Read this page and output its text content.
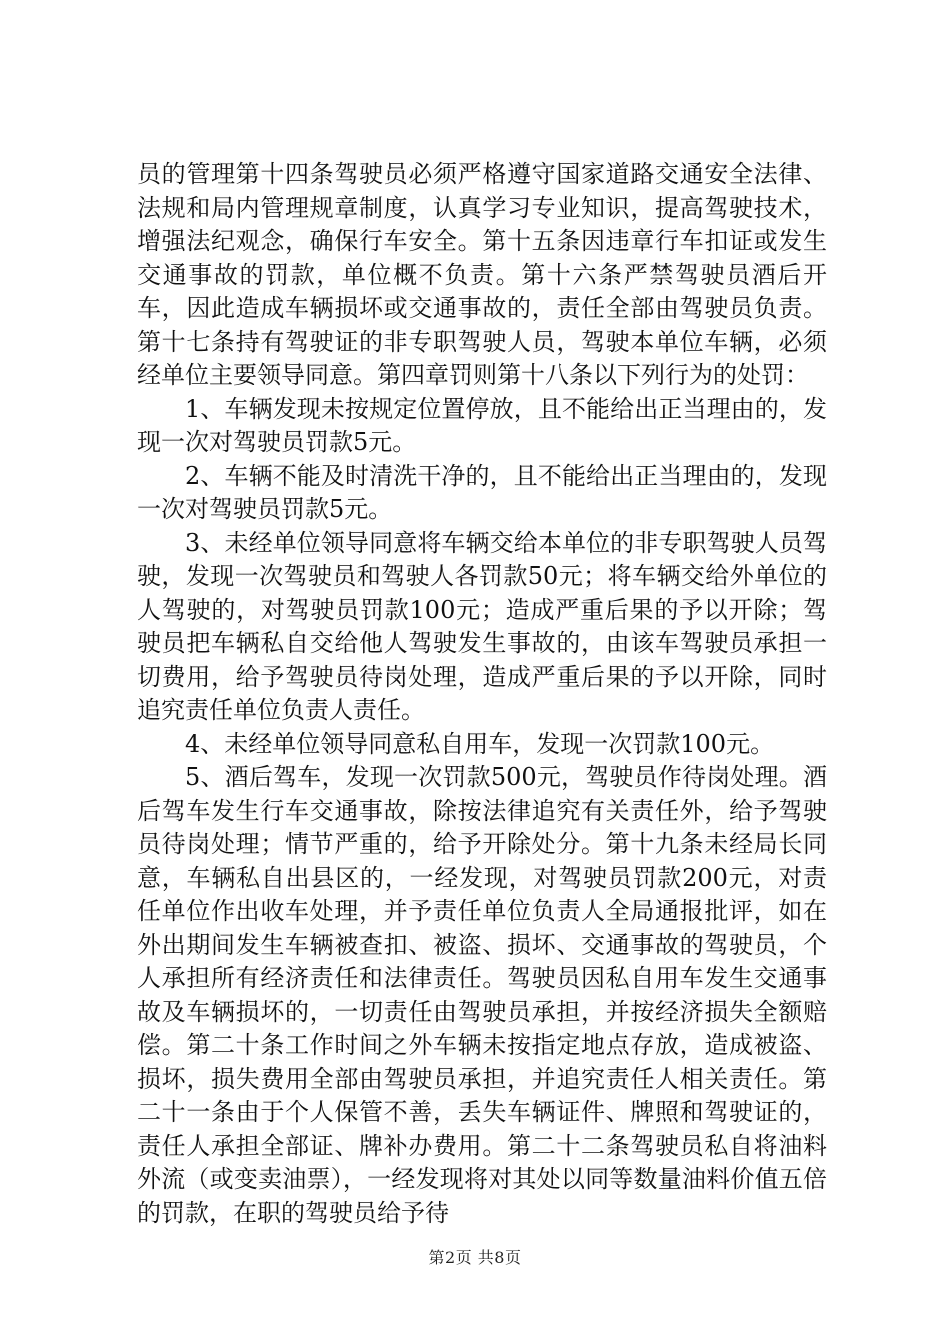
员的管理第十四条驾驶员必须严格遵守国家道路交通安全法律、法规和局内管理规章制度，认真学习专业知识，提高驾驶技术，增强法纪观念，确保行车安全。第十五条因违章行车扣证或发生交通事故的罚款，单位概不负责。第十六条严禁驾驶员酒后开车，因此造成车辆损坏或交通事故的，责任全部由驾驶员负责。第十七条持有驾驶证的非专职驾驶人员，驾驶本单位车辆，必须经单位主要领导同意。第四章罚则第十八条以下列行为的处罚：

1、车辆发现未按规定位置停放，且不能给出正当理由的，发现一次对驾驶员罚款5元。

2、车辆不能及时清洗干净的，且不能给出正当理由的，发现一次对驾驶员罚款5元。

3、未经单位领导同意将车辆交给本单位的非专职驾驶人员驾驶，发现一次驾驶员和驾驶人各罚款50元；将车辆交给外单位的人驾驶的，对驾驶员罚款100元；造成严重后果的予以开除；驾驶员把车辆私自交给他人驾驶发生事故的，由该车驾驶员承担一切费用，给予驾驶员待岗处理，造成严重后果的予以开除，同时追究责任单位负责人责任。

4、未经单位领导同意私自用车，发现一次罚款100元。

5、酒后驾车，发现一次罚款500元，驾驶员作待岗处理。酒后驾车发生行车交通事故，除按法律追究有关责任外，给予驾驶员待岗处理；情节严重的，给予开除处分。第十九条未经局长同意，车辆私自出县区的，一经发现，对驾驶员罚款200元，对责任单位作出收车处理，并予责任单位负责人全局通报批评，如在外出期间发生车辆被查扣、被盗、损坏、交通事故的驾驶员，个人承担所有经济责任和法律责任。驾驶员因私自用车发生交通事故及车辆损坏的，一切责任由驾驶员承担，并按经济损失全额赔偿。第二十条工作时间之外车辆未按指定地点存放，造成被盗、损坏，损失费用全部由驾驶员承担，并追究责任人相关责任。第二十一条由于个人保管不善，丢失车辆证件、牌照和驾驶证的，责任人承担全部证、牌补办费用。第二十二条驾驶员私自将油料外流（或变卖油票），一经发现将对其处以同等数量油料价值五倍的罚款，在职的驾驶员给予待

第2页 共8页
